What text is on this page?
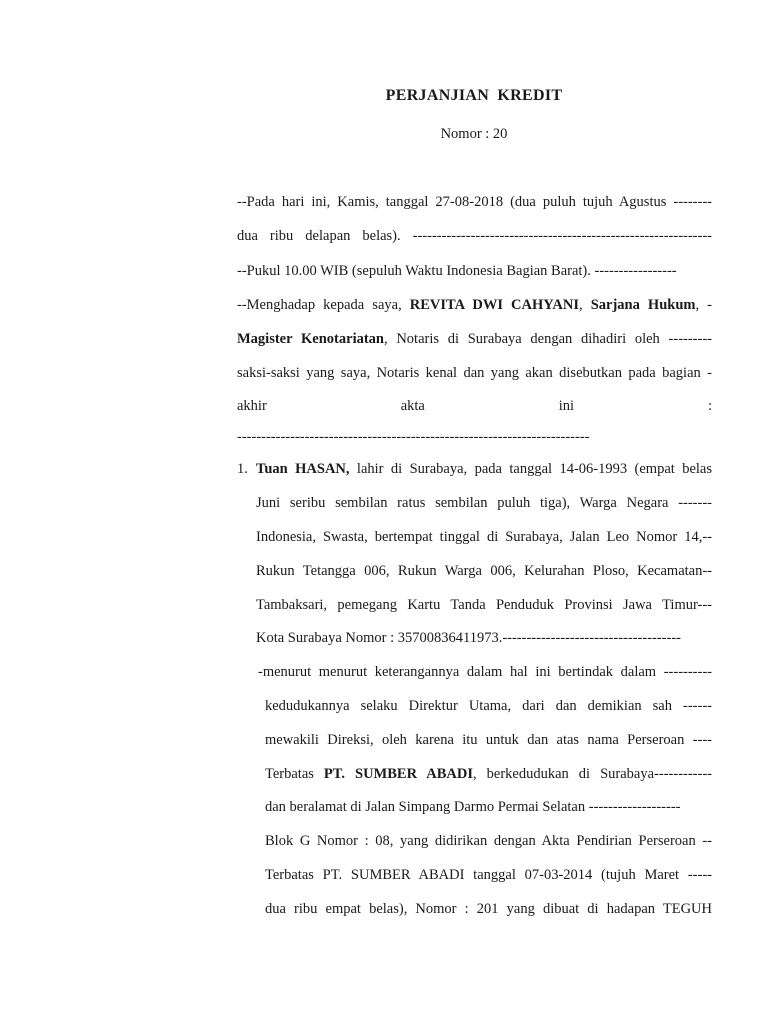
PERJANJIAN KREDIT
Nomor : 20
--Pada hari ini, Kamis, tanggal 27-08-2018 (dua puluh tujuh Agustus --------
dua ribu delapan belas). --------------------------------------------------------------
--Pukul 10.00 WIB (sepuluh Waktu Indonesia Bagian Barat). -----------------
--Menghadap kepada saya, REVITA DWI CAHYANI, Sarjana Hukum, -
Magister Kenotariatan, Notaris di Surabaya dengan dihadiri oleh ---------
saksi-saksi yang saya, Notaris kenal dan yang akan disebutkan pada bagian -
akhir	akta	ini	:
-------------------------------------------------------------------------
1. Tuan HASAN, lahir di Surabaya, pada tanggal 14-06-1993 (empat belas
Juni seribu sembilan ratus sembilan puluh tiga), Warga Negara -------
Indonesia, Swasta, bertempat tinggal di Surabaya, Jalan Leo Nomor 14,--
Rukun Tetangga 006, Rukun Warga 006, Kelurahan Ploso, Kecamatan--
Tambaksari, pemegang Kartu Tanda Penduduk Provinsi Jawa Timur---
Kota Surabaya Nomor : 35700836411973.-------------------------------------
-menurut menurut keterangannya dalam hal ini bertindak dalam ----------
kedudukannya selaku Direktur Utama, dari dan demikian sah ------
mewakili Direksi, oleh karena itu untuk dan atas nama Perseroan ----
Terbatas PT. SUMBER ABADI, berkedudukan di Surabaya------------
dan beralamat di Jalan Simpang Darmo Permai Selatan -------------------
Blok G Nomor : 08, yang didirikan dengan Akta Pendirian Perseroan --
Terbatas PT. SUMBER ABADI tanggal 07-03-2014 (tujuh Maret -----
dua ribu empat belas), Nomor : 201 yang dibuat di hadapan TEGUH
